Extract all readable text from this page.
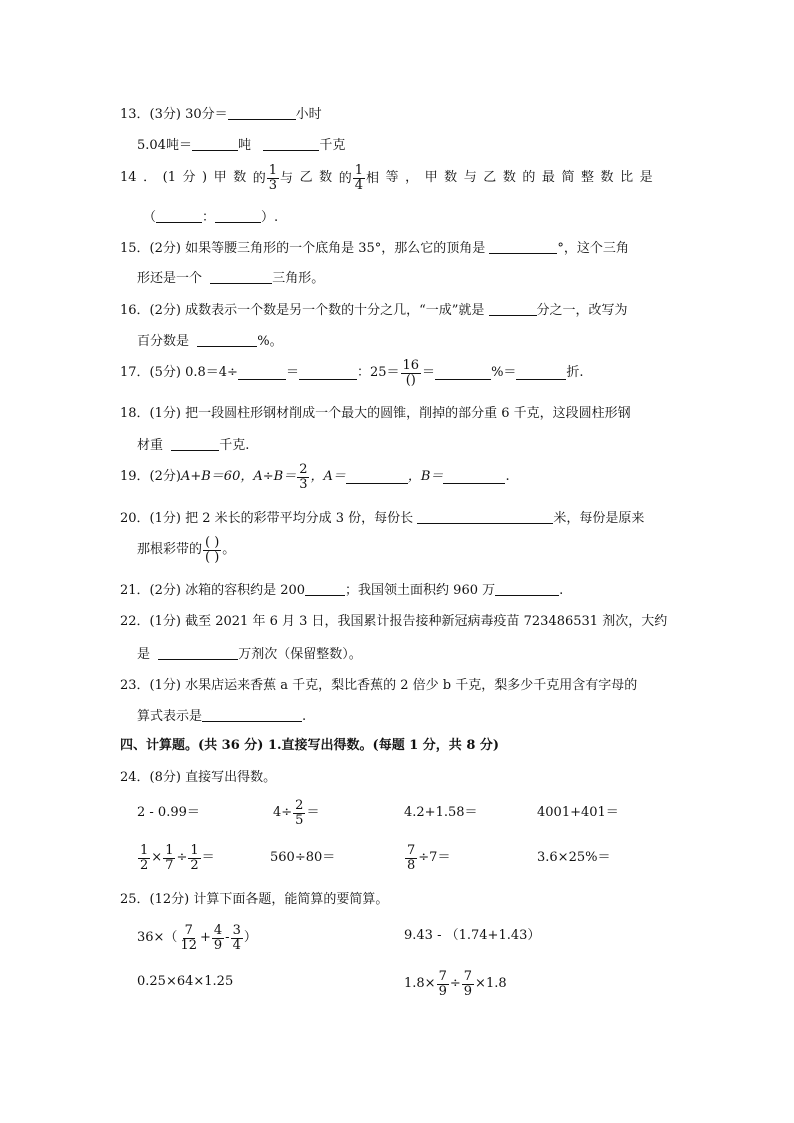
13．(3分) 30分＝	小时
5.04吨＝	吨	千克
14 ． (1 分 ) 甲 数 的 $\frac{1}{3}$ 与 乙 数 的 $\frac{1}{4}$ 相 等 ， 甲 数 与 乙 数 的 最 简 整 数 比 是
（	：	）.
15．(2分) 如果等腰三角形的一个底角是 35°，那么它的顶角是	°，这个三角
形还是一个	三角形。
16．(2分) 成数表示一个数是另一个数的十分之几，“一成”就是	分之一，改写为
百分数是	%。
17．(5分) 0.8＝4÷	＝	：$25= \frac{16}{()}$ ＝	%＝	折.
18．(1分) 把一段圆柱形钢材削成一个最大的圆锥，削掉的部分重 6 千克，这段圆柱形钢
材重	千克.
19．(2分) A+B＝60， $A\div B= \frac{2}{3}$ ，A＝	，B＝	.
20．(1分) 把 2 米长的彩带平均分成 3 份，每份长	米，每份是原来
那根彩带的 $\frac{( )}{( )}$ 。
21．(2分) 冰箱的容积约是 200	；我国领土面积约 960 万	.
22．(1分) 截至 2021 年 6 月 3 日，我国累计报告接种新冠病毒疫苗 723486531 剂次，大约
是	万剂次（保留整数）。
23．(1分) 水果店运来香蕉 a 千克，梨比香蕉的 2 倍少 b 千克，梨多少千克用含有字母的
算式表示是	.
四、计算题。(共 36 分) 1.直接写出得数。(每题 1 分，共 8 分)
24．(8分) 直接写出得数。
2 - 0.99＝	$4\div \frac{2}{5}$ ＝	4.2+1.58＝	4001+401＝
$\frac{1}{2} \times \frac{1}{7} \div \frac{1}{2}$ ＝	560÷80＝	$\frac{7}{8} \div 7=$	3.6×25%＝
25．(12分) 计算下面各题，能简算的要简算。
$36\times( \frac{7}{12} + \frac{4}{9} - \frac{3}{4}$ ）	9.43 - （1.74+1.43）
0.25×64×1.25	$1.8\times \frac{7}{9} \div \frac{7}{9} \times 1.8$
